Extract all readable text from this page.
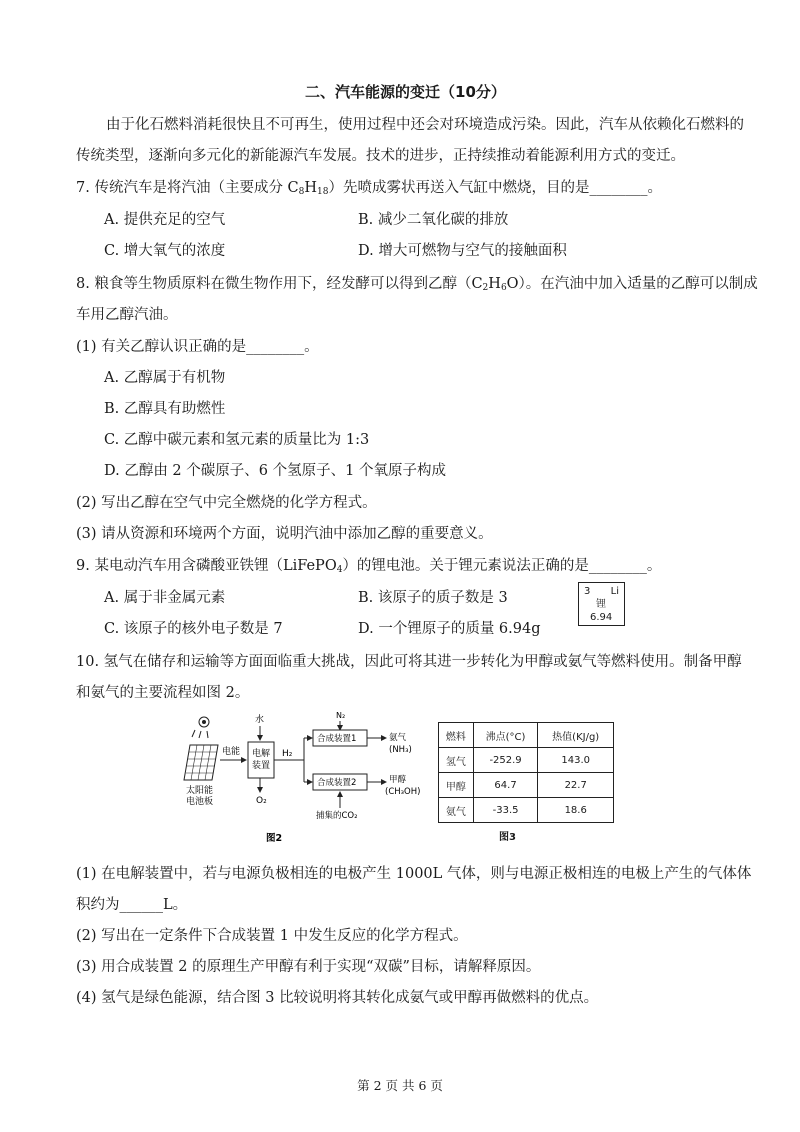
二、汽车能源的变迁（10分）
由于化石燃料消耗很快且不可再生，使用过程中还会对环境造成污染。因此，汽车从依赖化石燃料的
传统类型，逐渐向多元化的新能源汽车发展。技术的进步，正持续推动着能源利用方式的变迁。
7. 传统汽车是将汽油（主要成分 $C_8H_{18}$）先喷成雾状再送入气缸中燃烧，目的是________。
A. 提供充足的空气	B. 减少二氧化碳的排放
C. 增大氧气的浓度	D. 增大可燃物与空气的接触面积
8. 粮食等生物质原料在微生物作用下，经发酵可以得到乙醇$(C_2H_6O)$。在汽油中加入适量的乙醇可以制成
车用乙醇汽油。
(1) 有关乙醇认识正确的是________。
A. 乙醇属于有机物
B. 乙醇具有助燃性
C. 乙醇中碳元素和氢元素的质量比为 1:3
D. 乙醇由 2 个碳原子、6 个氢原子、1 个氧原子构成
(2) 写出乙醇在空气中完全燃烧的化学方程式。
(3) 请从资源和环境两个方面，说明汽油中添加乙醇的重要意义。
9. 某电动汽车用含磷酸亚铁锂（LiFePO$_4$）的锂电池。关于锂元素说法正确的是________。
A. 属于非金属元素	B. 该原子的质子数是 3
C. 该原子的核外电子数是 7	D. 一个锂原子的质量 6.94g
3 Li
锂
6.94
10. 氢气在储存和运输等方面面临重大挑战，因此可将其进一步转化为甲醇或氨气等燃料使用。制备甲醇
和氨气的主要流程如图 2。
太阳能
电池板
电能
水
电解
装置
O₂
H₂
N₂
合成装置1	氨气
(NH₃)
合成装置2	甲醇
(CH₃OH)
捕集的CO₂
图2
燃料	沸点(°C)	热值(KJ/g)
氢气	-252.9	143.0
甲醇	64.7	22.7
氨气	-33.5	18.6
图3
(1) 在电解装置中，若与电源负极相连的电极产生 1000L 气体，则与电源正极相连的电极上产生的气体体
积约为______L。
(2) 写出在一定条件下合成装置 1 中发生反应的化学方程式。
(3) 用合成装置 2 的原理生产甲醇有利于实现“双碳”目标，请解释原因。
(4) 氢气是绿色能源，结合图 3 比较说明将其转化成氨气或甲醇再做燃料的优点。
第 2 页 共 6 页
